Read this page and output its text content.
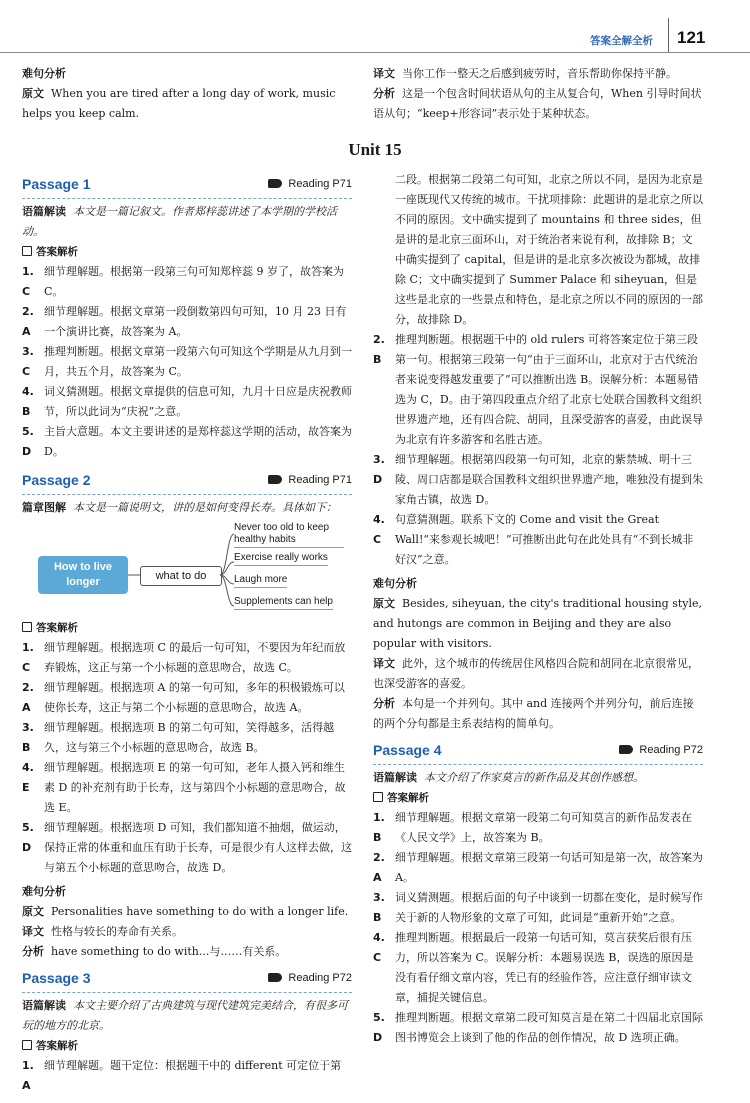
答案全解全析 121
难句分析
原文 When you are tired after a long day of work, music helps you keep calm.
译文 当你工作一整天之后感到疲劳时，音乐帮助你保持平静。
分析 这是一个包含时间状语从句的主从复合句，When 引导时间状语从句；“keep+形容词”表示处于某种状态。
Unit 15
Passage 1	Reading P71
语篇解读 本文是一篇记叙文。作者郑梓蕊讲述了本学期的学校活动。
答案解析
1. C
细节理解题。根据第一段第三句可知郑梓蕊 9 岁了，故答案为 C。
2. A
细节理解题。根据文章第一段倒数第四句可知，10 月 23 日有一个演讲比赛，故答案为 A。
3. C
推理判断题。根据文章第一段第六句可知这个学期是从九月到一月，共五个月，故答案为 C。
4. B
词义猜测题。根据文章提供的信息可知，九月十日应是庆祝教师节，所以此词为“庆祝”之意。
5. D
主旨大意题。本文主要讲述的是郑梓蕊这学期的活动，故答案为 D。
Passage 2	Reading P71
篇章图解 本文是一篇说明文，讲的是如何变得长寿。具体如下：
How to live longer	what to do
Never too old to keep healthy habits
Exercise really works
Laugh more
Supplements can help
答案解析
1. C
细节理解题。根据选项 C 的最后一句可知，不要因为年纪而放弃锻炼，这正与第一个小标题的意思吻合，故选 C。
2. A
细节理解题。根据选项 A 的第一句可知，多年的积极锻炼可以使你长寿，这正与第二个小标题的意思吻合，故选 A。
3. B
细节理解题。根据选项 B 的第二句可知，笑得越多，活得越久，这与第三个小标题的意思吻合，故选 B。
4. E
细节理解题。根据选项 E 的第一句可知，老年人摄入钙和维生素 D 的补充剂有助于长寿，这与第四个小标题的意思吻合，故选 E。
5. D
细节理解题。根据选项 D 可知，我们都知道不抽烟，做运动，保持正常的体重和血压有助于长寿，可是很少有人这样去做，这与第五个小标题的意思吻合，故选 D。
难句分析
原文 Personalities have something to do with a longer life.
译文 性格与较长的寿命有关系。
分析 have something to do with...与……有关系。
Passage 3	Reading P72
语篇解读 本文主要介绍了古典建筑与现代建筑完美结合，有很多可玩的地方的北京。
答案解析
1. A
细节理解题。题干定位：根据题干中的 different 可定位于第
二段。根据第二段第二句可知，北京之所以不同，是因为北京是一座既现代又传统的城市。干扰项排除：此题讲的是北京之所以不同的原因。文中确实提到了 mountains 和 three sides，但是讲的是北京三面环山，对于统治者来说有利，故排除 B；文中确实提到了 capital，但是讲的是北京多次被设为都城，故排除 C；文中确实提到了 Summer Palace 和 siheyuan，但是这些是北京的一些景点和特色，是北京之所以不同的原因的一部分，故排除 D。
2. B
推理判断题。根据题干中的 old rulers 可将答案定位于第三段第一句。根据第三段第一句“由于三面环山，北京对于古代统治者来说变得越发重要了”可以推断出选 B。误解分析：本题易错选为 C，D。由于第四段重点介绍了北京七处联合国教科文组织世界遗产地，还有四合院、胡同，且深受游客的喜爱，由此误导为北京有许多游客和名胜古迹。
3. D
细节理解题。根据第四段第一句可知，北京的紫禁城、明十三陵、周口店都是联合国教科文组织世界遗产地，唯独没有提到朱家角古镇，故选 D。
4. C
句意猜测题。联系下文的 Come and visit the Great Wall!“来参观长城吧！”可推断出此句在此处具有“不到长城非好汉”之意。
难句分析
原文 Besides, siheyuan, the city's traditional housing style, and hutongs are common in Beijing and they are also popular with visitors.
译文 此外，这个城市的传统居住风格四合院和胡同在北京很常见，也深受游客的喜爱。
分析 本句是一个并列句。其中 and 连接两个并列分句，前后连接的两个分句都是主系表结构的简单句。
Passage 4	Reading P72
语篇解读 本文介绍了作家莫言的新作品及其创作感想。
答案解析
1. B
细节理解题。根据文章第一段第二句可知莫言的新作品发表在《人民文学》上，故答案为 B。
2. A
细节理解题。根据文章第三段第一句话可知是第一次，故答案为 A。
3. B
词义猜测题。根据后面的句子中谈到一切都在变化，是时候写作关于新的人物形象的文章了可知，此词是“重新开始”之意。
4. C
推理判断题。根据最后一段第一句话可知，莫言获奖后很有压力，所以答案为 C。误解分析：本题易误选 B，误选的原因是没有看仔细文章内容，凭已有的经验作答，应注意仔细审读文章，捕捉关键信息。
5. D
推理判断题。根据文章第二段可知莫言是在第二十四届北京国际图书博览会上谈到了他的作品的创作情况，故 D 选项正确。
